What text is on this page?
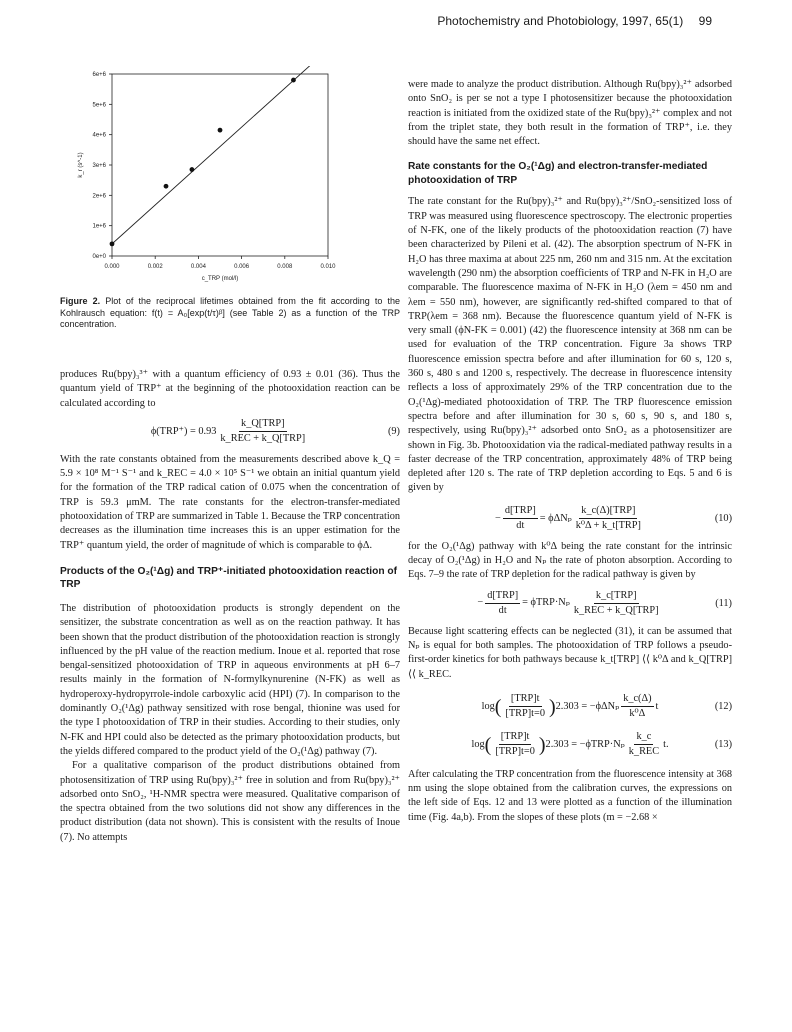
Photochemistry and Photobiology, 1997, 65(1) 99
0.000	0.002	0.004	0.006	0.008	0.010
0e+0
1e+6
2e+6
3e+6
4e+6
5e+6
6e+6
c_TRP (mol/l)
k_r (s^-1)

Figure 2. Plot of the reciprocal lifetimes obtained from the fit according to the Kohlrausch equation: f(t) = A₀[exp(t/τ)ᵝ] (see Table 2) as a function of the TRP concentration.

produces Ru(bpy)₃³⁺ with a quantum efficiency of 0.93 ± 0.01 (36). Thus the quantum yield of TRP⁺ at the beginning of the photooxidation reaction can be calculated according to

$\phi(TRP^+) = 0.93 \frac{\text{k\_Q[TRP]}}{\text{k\_REC + k\_Q[TRP]}}$	(9)

With the rate constants obtained from the measurements described above k_Q = 5.9 × 10⁸ M⁻¹ S⁻¹ and k_REC = 4.0 × 10⁵ S⁻¹ we obtain an initial quantum yield for the formation of the TRP radical cation of 0.075 when the concentration of TRP is 59.3 μmM. The rate constants for the electron-transfer-mediated photooxidation of TRP are summarized in Table 1. Because the TRP concentration decreases as the illumination time increases this is an upper estimation for the TRP⁺ quantum yield, the order of magnitude of which is comparable to ϕΔ.

Products of the O₂(¹Δg) and TRP⁺-initiated photooxidation reaction of TRP

The distribution of photooxidation products is strongly dependent on the sensitizer, the substrate concentration as well as on the reaction pathway. It has been shown that the product distribution of the photooxidation reaction is strongly influenced by the pH value of the reaction medium. Inoue et al. reported that rose bengal-sensitized photooxidation of TRP in aqueous environments at pH 6–7 results mainly in the formation of N-formylkynurenine (N-FK) as well as hydroperoxy-hydropyrrole-indole carboxylic acid (HPI) (7). In comparison to the dominantly O₂(¹Δg) pathway sensitized with rose bengal, thionine was used for the type I photooxidation of TRP in their studies. According to their studies, only N-FK and HPI could also be detected as the primary photooxidation products, but the yields differed compared to the product yield of the O₂(¹Δg) pathway (7).

For a qualitative comparison of the product distributions obtained from photosensitization of TRP using Ru(bpy)₃²⁺ free in solution and from Ru(bpy)₃²⁺ adsorbed onto SnO₂, ¹H-NMR spectra were measured. Qualitative comparison of the spectra obtained from the two solutions did not show any differences in the product distribution (data not shown). This is consistent with the results of Inoue (7). No attempts

were made to analyze the product distribution. Although Ru(bpy)₃²⁺ adsorbed onto SnO₂ is per se not a type I photosensitizer because the photooxidation reaction is initiated from the oxidized state of the Ru(bpy)₃²⁺ complex and not from the triplet state, they both result in the formation of TRP⁺, i.e. they should have the same net effect.

Rate constants for the O₂(¹Δg) and electron-transfer-mediated photooxidation of TRP

The rate constant for the Ru(bpy)₃²⁺ and Ru(bpy)₃²⁺/SnO₂-sensitized loss of TRP was measured using fluorescence spectroscopy. The electronic properties of N-FK, one of the likely products of the photooxidation reaction (7) have been characterized by Pileni et al. (42). The absorption spectrum of N-FK in H₂O has three maxima at about 225 nm, 260 nm and 315 nm. At the excitation wavelength (290 nm) the absorption coefficients of TRP and N-FK in H₂O are comparable. The fluorescence maxima of N-FK in H₂O (λem = 450 nm and λem = 550 nm), however, are significantly red-shifted compared to that of TRP(λem = 368 nm). Because the fluorescence quantum yield of N-FK is very small (ϕN-FK = 0.001) (42) the fluorescence intensity at 368 nm can be used for evaluation of the TRP concentration. Figure 3a shows TRP fluorescence emission spectra before and after illumination for 60 s, 120 s, 360 s, 480 s and 1200 s, respectively. The decrease in fluorescence intensity reflects a loss of approximately 29% of the TRP concentration due to the O₂(¹Δg)-mediated photooxidation of TRP. The TRP fluorescence emission spectra before and after illumination for 30 s, 60 s, 90 s, and 180 s, respectively, using Ru(bpy)₃²⁺ adsorbed onto SnO₂ as a photosensitizer are shown in Fig. 3b. Photooxidation via the radical-mediated pathway results in a faster decrease of the TRP concentration, approximately 48% of TRP being depleted after 120 s. The rate of TRP depletion according to Eqs. 5 and 6 is given by

− $\frac{\text{d[TRP]}}{dt} = \phi\Delta N_p \frac{\text{k\_c(Δ)[TRP]}}{\text{k⁰Δ + k\_t[TRP]}}$	(10)

for the O₂(¹Δg) pathway with k⁰Δ being the rate constant for the intrinsic decay of O₂(¹Δg) in H₂O and Nₚ the rate of photon absorption. According to Eqs. 7–9 the rate of TRP depletion for the radical pathway is given by

− $\frac{\text{d[TRP]}}{dt} = \phi TRP\cdot N_p \frac{\text{k\_c[TRP]}}{\text{k\_REC + k\_Q[TRP]}}$	(11)

Because light scattering effects can be neglected (31), it can be assumed that Nₚ is equal for both samples. The photooxidation of TRP follows a pseudo-first-order kinetics for both pathways because k_t[TRP] ⟨⟨ k⁰Δ and k_Q[TRP] ⟨⟨ k_REC.

log ( $\frac{\text{[TRP]t}}{\text{[TRP]t=0}}$ ) $2.303 = -\phi\Delta N_p \frac{k\_c(\Delta)}{\text{k⁰Δ}}$ t	(12)
log ( $\frac{\text{[TRP]t}}{\text{[TRP]t=0}}$ ) $2.303 = -\phi TRP\cdot N_p \frac{k\_c}{\text{k\_REC}} t$.	(13)

After calculating the TRP concentration from the fluorescence intensity at 368 nm using the slope obtained from the calibration curves, the expressions on the left side of Eqs. 12 and 13 were plotted as a function of the illumination time (Fig. 4a,b). From the slopes of these plots (m = −2.68 ×
